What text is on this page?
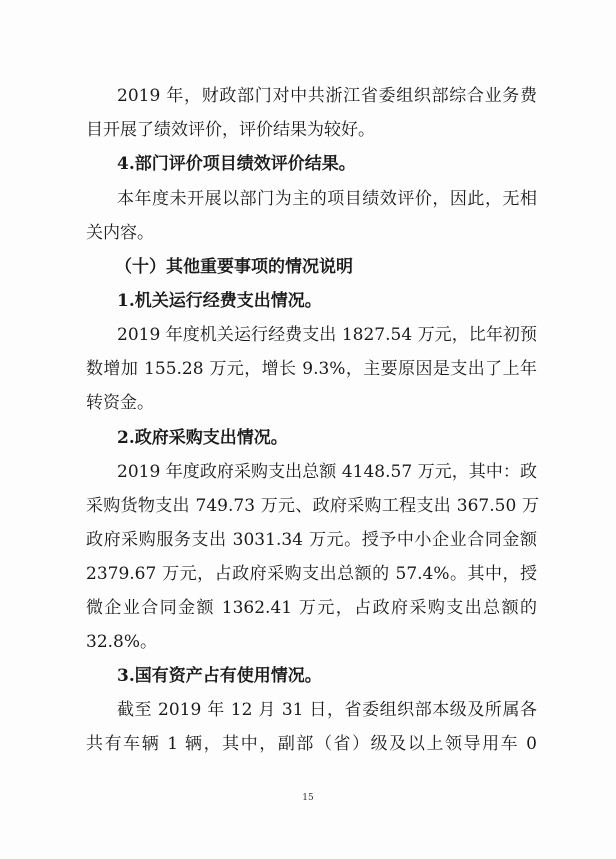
2019 年，财政部门对中共浙江省委组织部综合业务费
目开展了绩效评价，评价结果为较好。
4.部门评价项目绩效评价结果。
本年度未开展以部门为主的项目绩效评价，因此，无相
关内容。
（十）其他重要事项的情况说明
1.机关运行经费支出情况。
2019 年度机关运行经费支出 1827.54 万元，比年初预
数增加 155.28 万元，增长 9.3%，主要原因是支出了上年
转资金。
2.政府采购支出情况。
2019 年度政府采购支出总额 4148.57 万元，其中：政
采购货物支出 749.73 万元、政府采购工程支出 367.50 万
政府采购服务支出 3031.34 万元。授予中小企业合同金额
2379.67 万元，占政府采购支出总额的 57.4%。其中，授
微企业合同金额 1362.41 万元，占政府采购支出总额的
32.8%。
3.国有资产占有使用情况。
截至 2019 年 12 月 31 日，省委组织部本级及所属各
共有车辆 1 辆，其中，副部（省）级及以上领导用车 0
15
